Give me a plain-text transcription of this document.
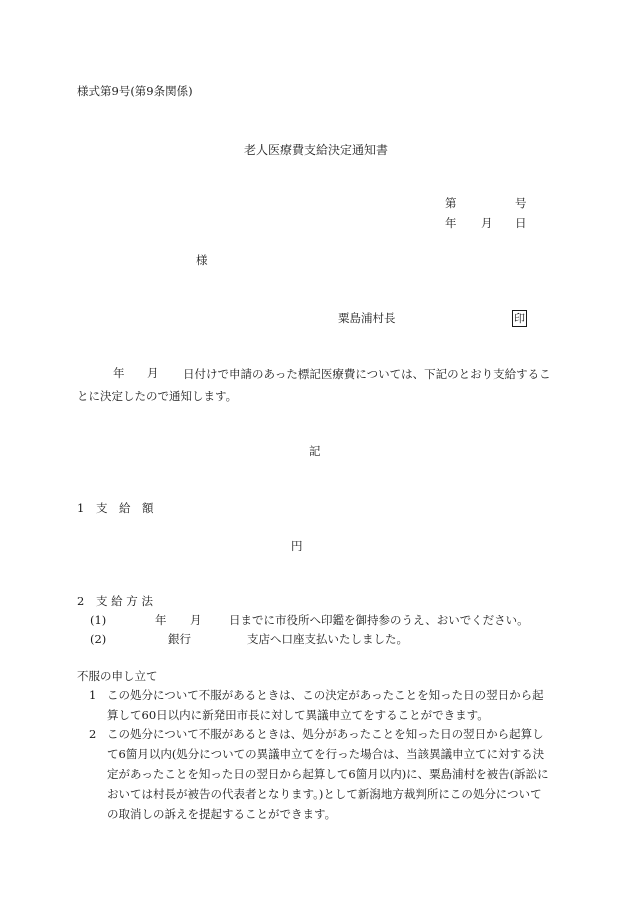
様式第9号(第9条関係)
老人医療費支給決定通知書
第	号
年 月 日
様
粟島浦村長	印
年 月	日付けで申請のあった標記医療費については、下記のとおり支給することに決定したので通知します。
記
1 支　給　額
円
2 支 給 方 法
(1)	年 月 日までに市役所へ印鑑を御持参のうえ、おいでください。
(2)	銀行	支店へ口座支払いたしました。
不服の申し立て
1 この処分について不服があるときは、この決定があったことを知った日の翌日から起算して60日以内に新発田市長に対して異議申立てをすることができます。
2 この処分について不服があるときは、処分があったことを知った日の翌日から起算して6箇月以内(処分についての異議申立てを行った場合は、当該異議申立てに対する決定があったことを知った日の翌日から起算して6箇月以内)に、粟島浦村を被告(訴訟においては村長が被告の代表者となります。)として新潟地方裁判所にこの処分についての取消しの訴えを提起することができます。
